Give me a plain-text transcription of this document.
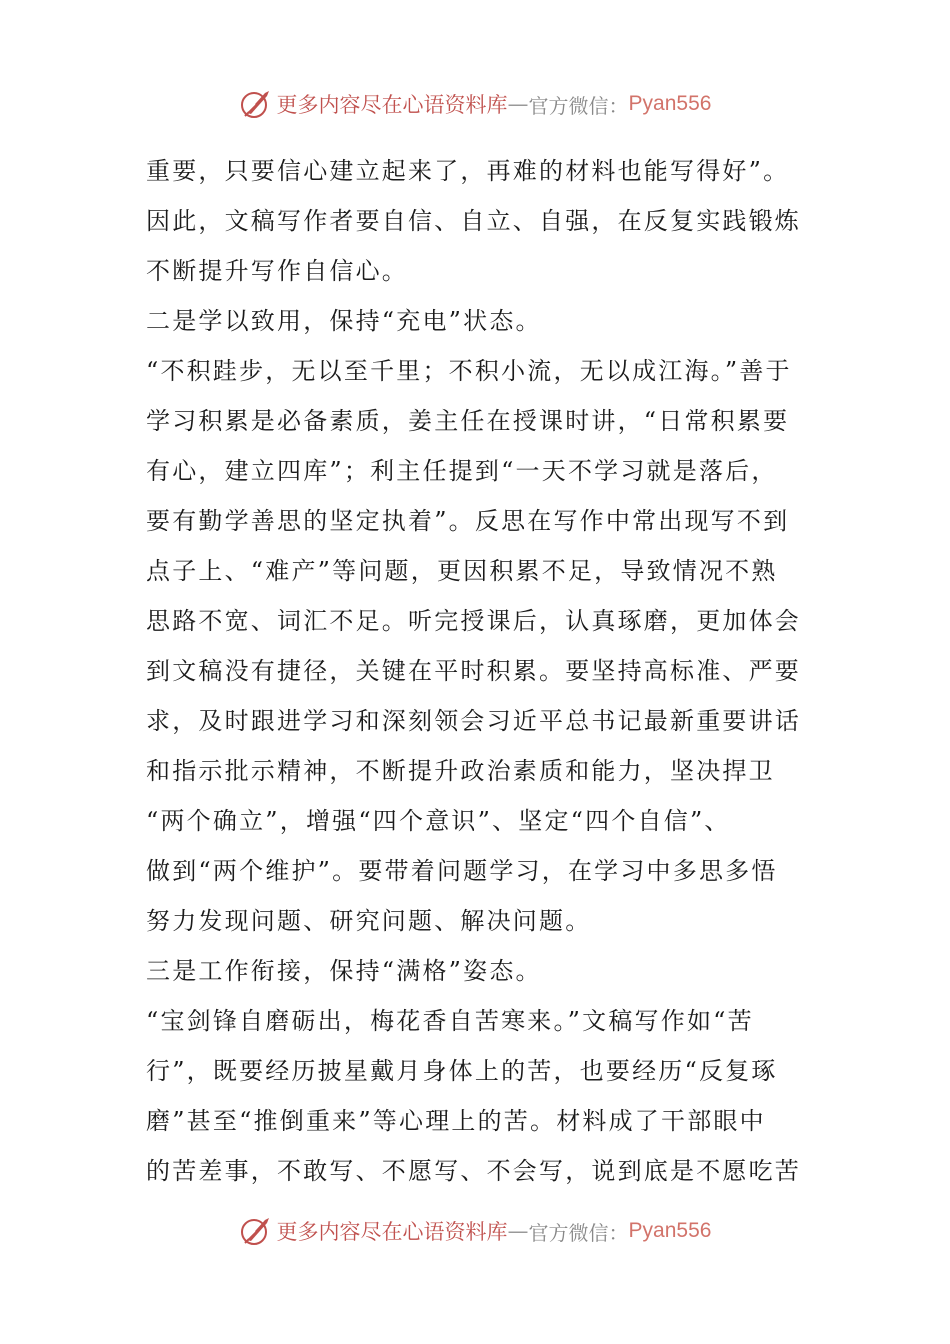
更多内容尽在心语资料库 — 官方微信： Pyan556
重要，只要信心建立起来了，再难的材料也能写得好”。
因此，文稿写作者要自信、自立、自强，在反复实践锻炼
不断提升写作自信心。
二是学以致用，保持“充电”状态。
“不积跬步，无以至千里；不积小流，无以成江海。”善于
学习积累是必备素质，姜主任在授课时讲，“日常积累要
有心，建立四库”；利主任提到“一天不学习就是落后，
要有勤学善思的坚定执着”。反思在写作中常出现写不到
点子上、“难产”等问题，更因积累不足，导致情况不熟
思路不宽、词汇不足。听完授课后，认真琢磨，更加体会
到文稿没有捷径，关键在平时积累。要坚持高标准、严要
求，及时跟进学习和深刻领会习近平总书记最新重要讲话
和指示批示精神，不断提升政治素质和能力，坚决捍卫
“两个确立”，增强“四个意识”、坚定“四个自信”、
做到“两个维护”。要带着问题学习，在学习中多思多悟
努力发现问题、研究问题、解决问题。
三是工作衔接，保持“满格”姿态。
“宝剑锋自磨砺出，梅花香自苦寒来。”文稿写作如“苦
行”，既要经历披星戴月身体上的苦，也要经历“反复琢
磨”甚至“推倒重来”等心理上的苦。材料成了干部眼中
的苦差事，不敢写、不愿写、不会写，说到底是不愿吃苦
更多内容尽在心语资料库 — 官方微信： Pyan556
